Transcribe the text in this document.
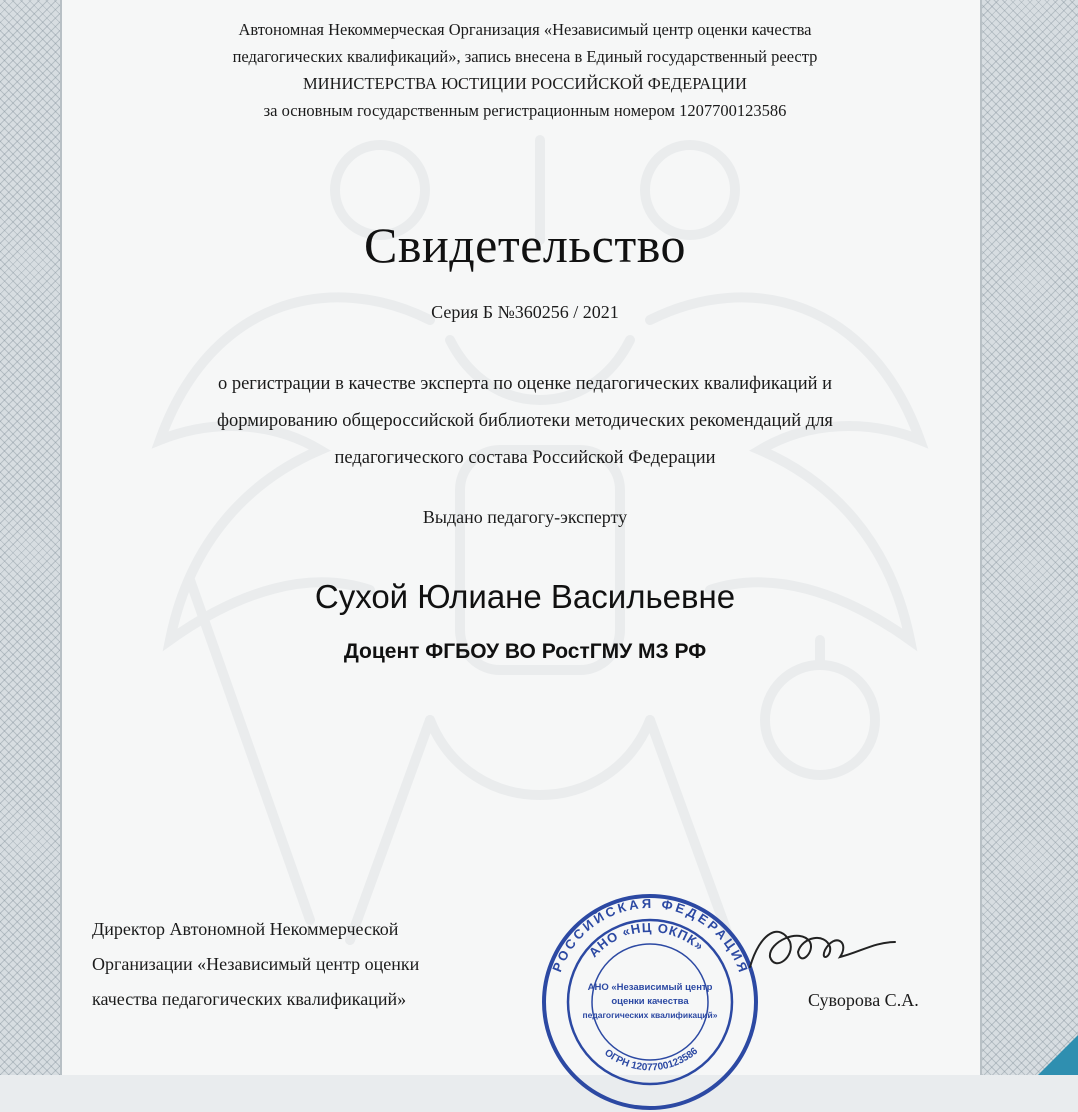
Автономная Некоммерческая Организация «Независимый центр оценки качества
педагогических квалификаций», запись внесена в Единый государственный реестр
МИНИСТЕРСТВА ЮСТИЦИИ РОССИЙСКОЙ ФЕДЕРАЦИИ
за основным государственным регистрационным номером 1207700123586
Свидетельство
Серия Б №360256 / 2021
о регистрации в качестве эксперта по оценке педагогических квалификаций и
формированию общероссийской библиотеки методических рекомендаций для
педагогического состава Российской Федерации
Выдано педагогу-эксперту
Сухой Юлиане Васильевне
Доцент ФГБОУ ВО РостГМУ МЗ РФ
Директор Автономной Некоммерческой
Организации «Независимый центр оценки
качества педагогических квалификаций»
РОССИЙСКАЯ ФЕДЕРАЦИЯ
АНО «НЦ ОКПК»
ОГРН 1207700123586
АНО «Независимый центр
оценки качества
педагогических квалификаций»
Суворова С.А.
